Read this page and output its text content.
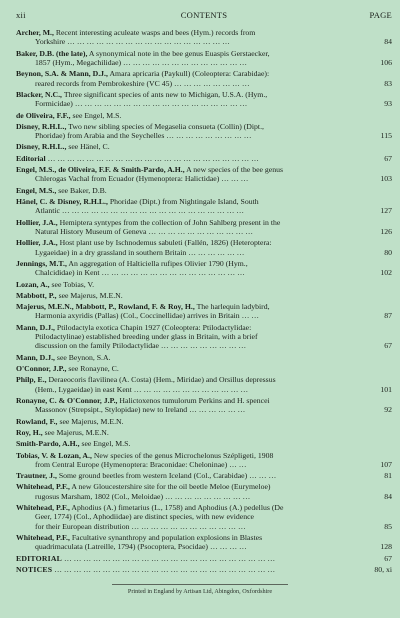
xii	CONTENTS	PAGE
Archer, M., Recent interesting aculeate wasps and bees (Hym.) records from
Yorkshire … … … … … … … … … … … … … … … … …	84
Baker, D.B. (the late), A synonymical note in the bee genus Euaspis Gerstaecker,
1857 (Hym., Megachilidae) … … … … … … … … … … … … …	106
Beynon, S.A. & Mann, D.J., Amara apricaria (Paykull) (Coleoptera: Carabidae):
reared records from Pembrokeshire (VC 45) … … … … … … … …	83
Blacker, N.C., Three significant species of ants new to Michigan, U.S.A. (Hym.,
Formicidae) … … … … … … … … … … … … … … … … … …	93
de Oliveira, F.F., see Engel, M.S.
Disney, R.H.L., Two new sibling species of Megaselia consueta (Collin) (Dipt.,
Phoridae) from Arabia and the Seychelles … … … … … … … … …	115
Disney, R.H.L., see Hänel, C.
Editorial … … … … … … … … … … … … … … … … … … … … … …	67
Engel, M.S., de Oliveira, F.F. & Smith-Pardo, A.H., A new species of the bee genus
Chlerogas Vachal from Ecuador (Hymenoptera: Halictidae) … … …	103
Engel, M.S., see Baker, D.B.
Hänel, C. & Disney, R.H.L., Phoridae (Dipt.) from Nightingale Island, South
Atlantic … … … … … … … … … … … … … … … … … … …	127
Hollier, J.A., Hemiptera syntypes from the collection of John Sahlberg present in the
Natural History Museum of Geneva … … … … … … … … … … …	126
Hollier, J.A., Host plant use by Ischnodemus sabuleti (Fallén, 1826) (Heteroptera:
Lygaeidae) in a dry grassland in southern Britain … … … … … …	80
Jennings, M.T., An aggregation of Halticiella rufipes Olivier 1790 (Hym.,
Chalcididae) in Kent … … … … … … … … … … … … … … …	102
Lozan, A., see Tobias, V.
Mabbott, P., see Majerus, M.E.N.
Majerus, M.E.N., Mabbott, P., Rowland, F. & Roy, H., The harlequin ladybird,
Harmonia axyridis (Pallas) (Col., Coccinellidae) arrives in Britain … …	87
Mann, D.J., Ptilodactyla exotica Chapin 1927 (Coleoptera: Ptilodactylidae:
Ptilodactylinae) established breeding under glass in Britain, with a brief
discussion on the family Ptilodactylidae … … … … … … … … …	67
Mann, D.J., see Beynon, S.A.
O'Connor, J.P., see Ronayne, C.
Philp, E., Deraeocoris flavilinea (A. Costa) (Hem., Miridae) and Orsillus depressus
(Hem., Lygaeidae) in east Kent … … … … … … … … … … … …	101
Ronayne, C. & O'Connor, J.P., Halictoxenos tumulorum Perkins and H. spencei
Massonov (Strepsipt., Stylopidae) new to Ireland … … … … … …	92
Rowland, F., see Majerus, M.E.N.
Roy, H., see Majerus, M.E.N.
Smith-Pardo, A.H., see Engel, M.S.
Tobias, V. & Lozan, A., New species of the genus Microchelonus Szépligeti, 1908
from Central Europe (Hymenoptera: Braconidae: Cheloninae) … …	107
Trautner, J., Some ground beetles from western Iceland (Col., Carabidae) … … …	81
Whitehead, P.F., A new Gloucestershire site for the oil beetle Meloe (Eurymeloe)
rugosus Marsham, 1802 (Col., Meloidae) … … … … … … … … …	84
Whitehead, P.F., Aphodius (A.) fimetarius (L., 1758) and Aphodius (A.) pedellus (De
Geer, 1774) (Col., Aphodiidae) are distinct species, with new evidence
for their European distribution … … … … … … … … … … … …	85
Whitehead, P.F., Facultative synanthropy and population explosions in Blastes
quadrimaculata (Latreille, 1794) (Psocoptera, Psocidae) … … … …	128
EDITORIAL … … … … … … … … … … … … … … … … … … … … … …	67
NOTICES … … … … … … … … … … … … … … … … … … … … … … …	80, xi
Printed in England by Artisan Ltd, Abingdon, Oxfordshire
